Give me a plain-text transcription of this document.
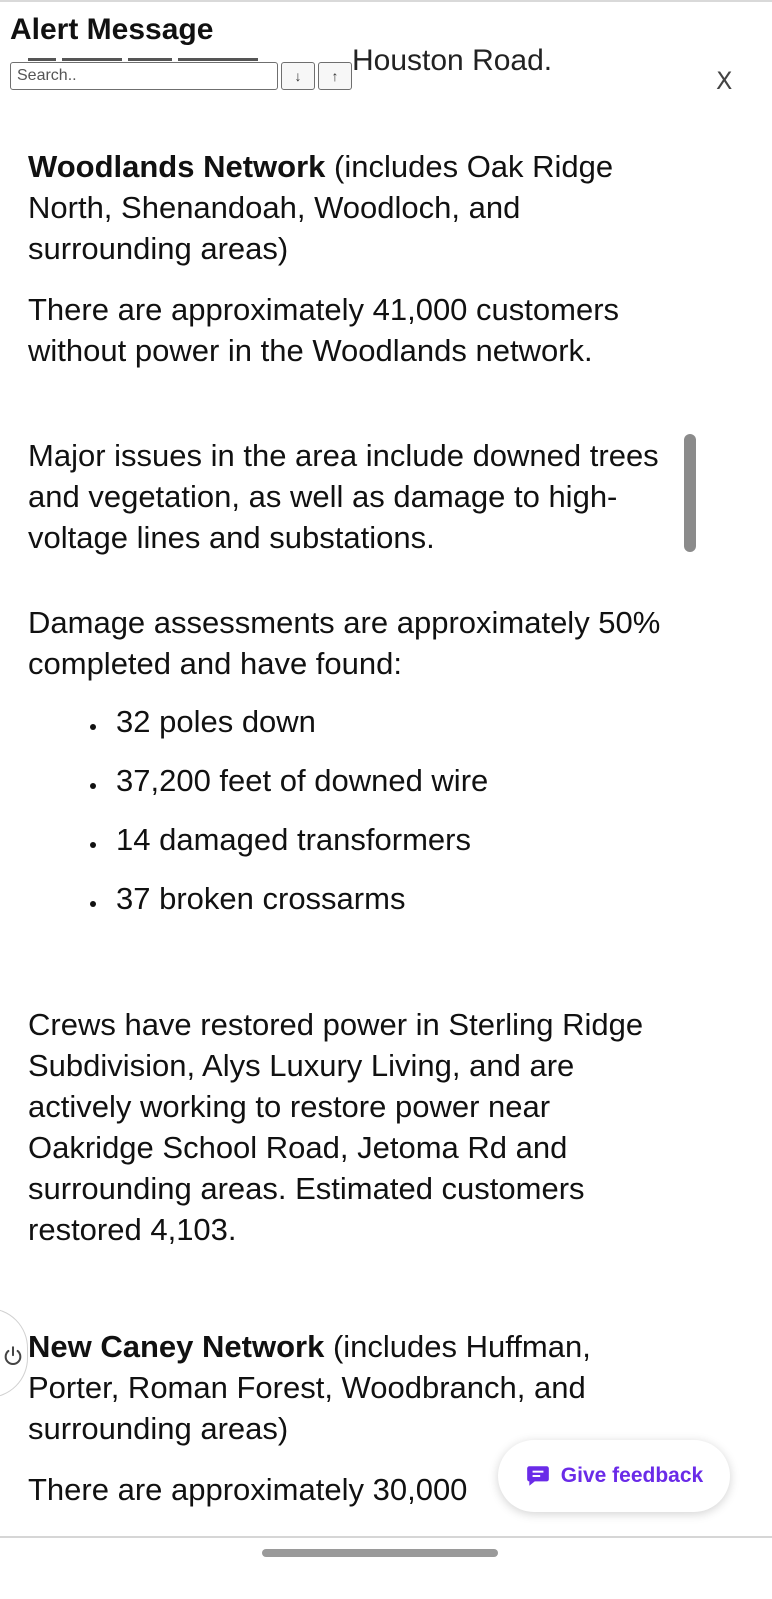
Alert Message
Houston Road.
Search..
↓	↑	X

Woodlands Network (includes Oak Ridge North, Shenandoah, Woodloch, and surrounding areas)

There are approximately 41,000 customers without power in the Woodlands network.

Major issues in the area include downed trees and vegetation, as well as damage to high-voltage lines and substations.

Damage assessments are approximately 50% completed and have found:

32 poles down
37,200 feet of downed wire
14 damaged transformers
37 broken crossarms

Crews have restored power in Sterling Ridge Subdivision, Alys Luxury Living, and are actively working to restore power near Oakridge School Road, Jetoma Rd and surrounding areas. Estimated customers restored 4,103.

New Caney Network (includes Huffman, Porter, Roman Forest, Woodbranch, and surrounding areas)

There are approximately 30,000	Give feedback
